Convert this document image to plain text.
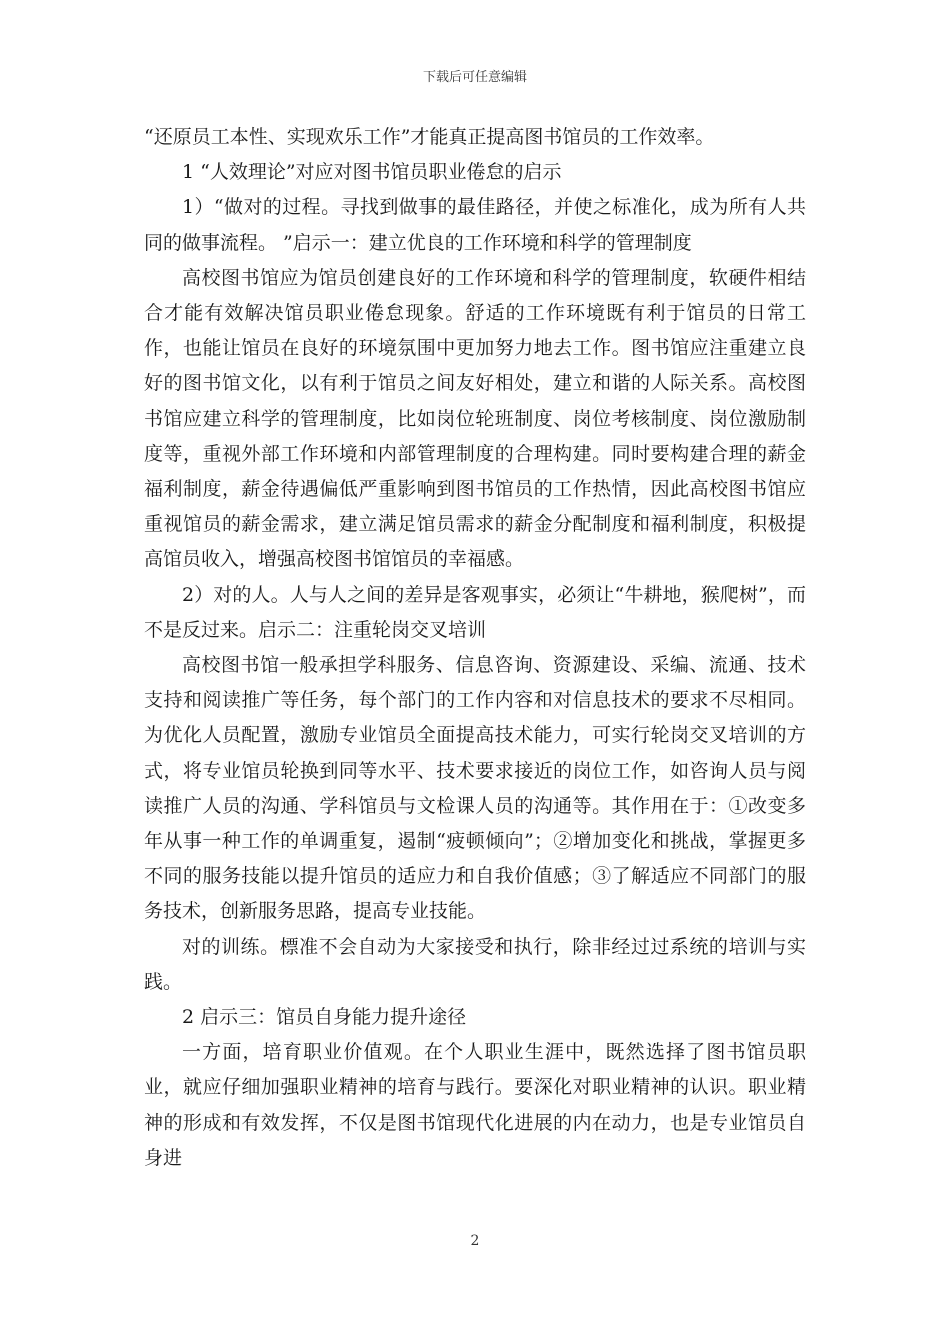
下载后可任意编辑

“还原员工本性、实现欢乐工作”才能真正提高图书馆员的工作效率。

1 “人效理论”对应对图书馆员职业倦怠的启示

1）“做对的过程。寻找到做事的最佳路径，并使之标准化，成为所有人共同的做事流程。 ”启示一：建立优良的工作环境和科学的管理制度

高校图书馆应为馆员创建良好的工作环境和科学的管理制度，软硬件相结合才能有效解决馆员职业倦怠现象。舒适的工作环境既有利于馆员的日常工作，也能让馆员在良好的环境氛围中更加努力地去工作。图书馆应注重建立良好的图书馆文化，以有利于馆员之间友好相处，建立和谐的人际关系。高校图书馆应建立科学的管理制度，比如岗位轮班制度、岗位考核制度、岗位激励制度等，重视外部工作环境和内部管理制度的合理构建。同时要构建合理的薪金福利制度，薪金待遇偏低严重影响到图书馆员的工作热情，因此高校图书馆应重视馆员的薪金需求，建立满足馆员需求的薪金分配制度和福利制度，积极提高馆员收入，增强高校图书馆馆员的幸福感。

2）对的人。人与人之间的差异是客观事实，必须让“牛耕地，猴爬树”，而不是反过来。启示二：注重轮岗交叉培训

高校图书馆一般承担学科服务、信息咨询、资源建设、采编、流通、技术支持和阅读推广等任务，每个部门的工作内容和对信息技术的要求不尽相同。为优化人员配置，激励专业馆员全面提高技术能力，可实行轮岗交叉培训的方式，将专业馆员轮换到同等水平、技术要求接近的岗位工作，如咨询人员与阅读推广人员的沟通、学科馆员与文检课人员的沟通等。其作用在于：①改变多年从事一种工作的单调重复，遏制“疲顿倾向”；②增加变化和挑战，掌握更多不同的服务技能以提升馆员的适应力和自我价值感；③了解适应不同部门的服务技术，创新服务思路，提高专业技能。

对的训练。標准不会自动为大家接受和执行，除非经过过系统的培训与实践。

2 启示三：馆员自身能力提升途径

一方面，培育职业价值观。在个人职业生涯中，既然选择了图书馆员职业，就应仔细加强职业精神的培育与践行。要深化对职业精神的认识。职业精神的形成和有效发挥，不仅是图书馆现代化进展的内在动力，也是专业馆员自身进

2
